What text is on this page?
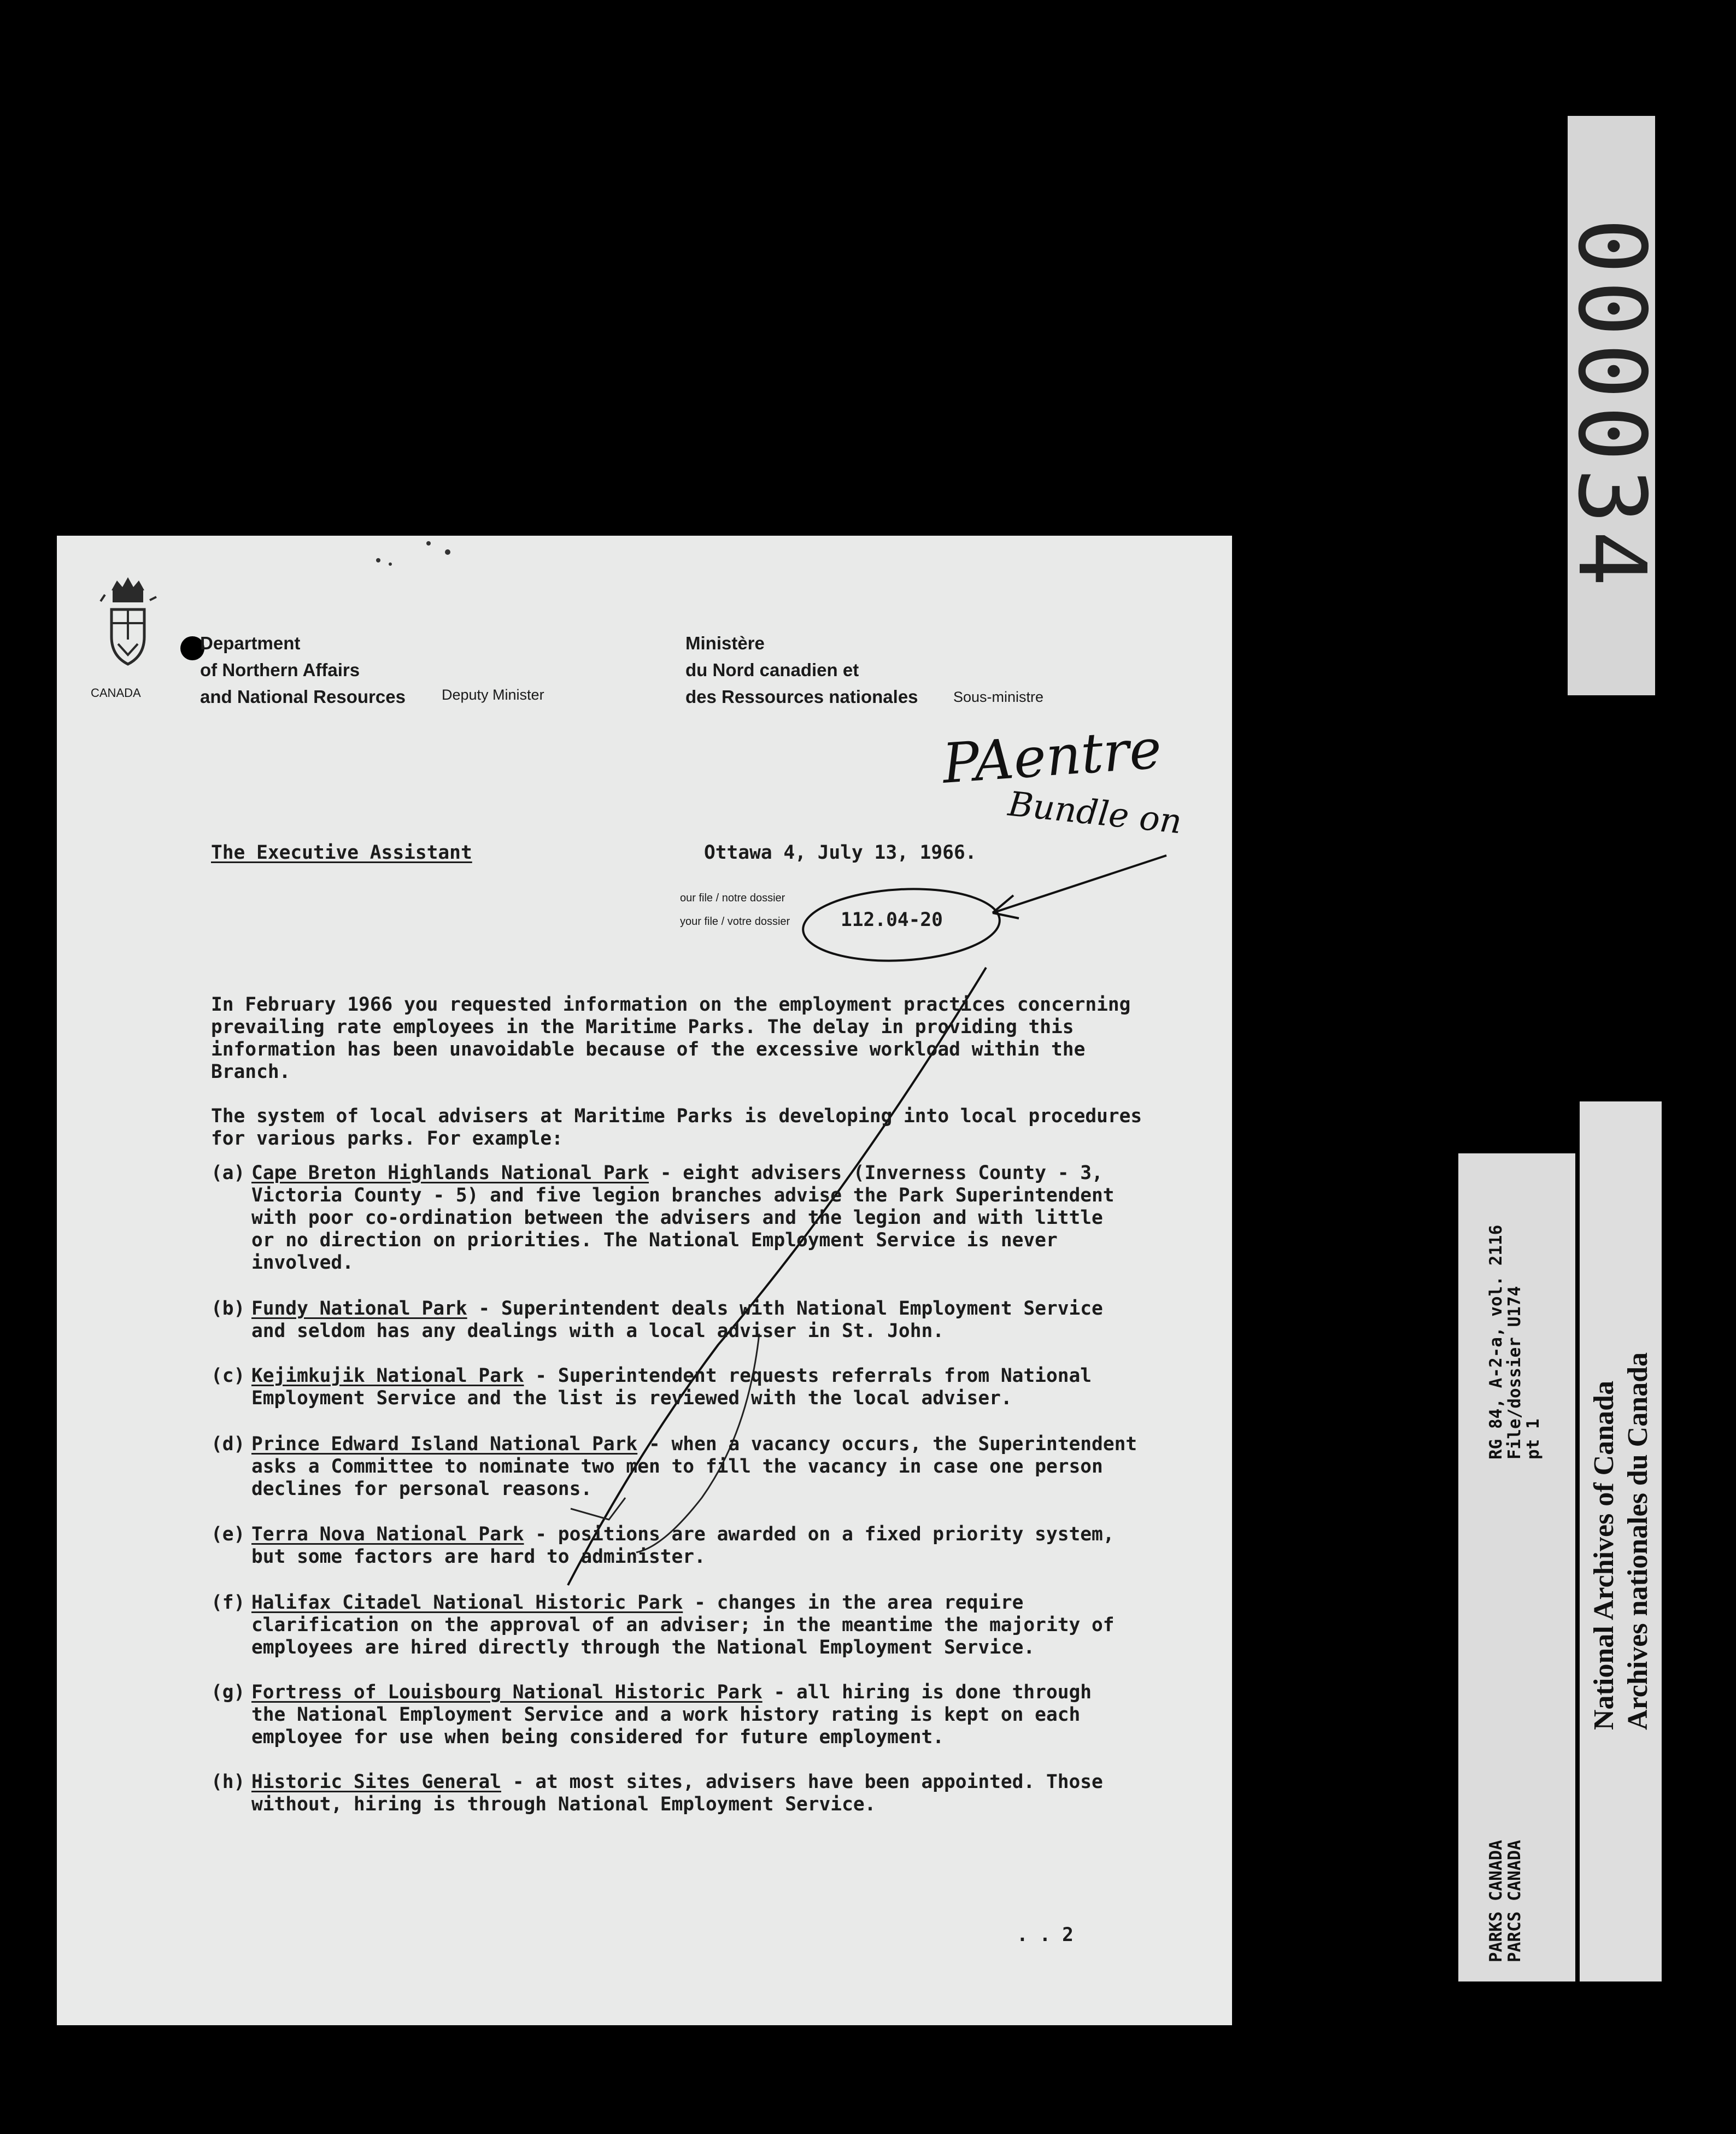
000034
RG 84, A-2-a, vol. 2116
File/dossier U174
pt 1
PARKS CANADA
PARCS CANADA
National Archives of Canada Archives nationales du Canada
CANADA
Department
of Northern Affairs
and National Resources Deputy Minister
Ministère
du Nord canadien et
des Ressources nationales Sous-ministre
PAentre
Bundle on
The Executive Assistant	Ottawa 4, July 13, 1966.
our file / notre dossier
your file / votre dossier	112.04-20
In February 1966 you requested information on the employment practices concerning
prevailing rate employees in the Maritime Parks. The delay in providing this
information has been unavoidable because of the excessive workload within the
Branch.
The system of local advisers at Maritime Parks is developing into local procedures
for various parks. For example:
(a) Cape Breton Highlands National Park - eight advisers (Inverness County - 3,
Victoria County - 5) and five legion branches advise the Park Superintendent
with poor co-ordination between the advisers and the legion and with little
or no direction on priorities. The National Employment Service is never
involved.
(b) Fundy National Park - Superintendent deals with National Employment Service
and seldom has any dealings with a local adviser in St. John.
(c) Kejimkujik National Park - Superintendent requests referrals from National
Employment Service and the list is reviewed with the local adviser.
(d) Prince Edward Island National Park - when a vacancy occurs, the Superintendent
asks a Committee to nominate two men to fill the vacancy in case one person
declines for personal reasons.
(e) Terra Nova National Park - positions are awarded on a fixed priority system,
but some factors are hard to administer.
(f) Halifax Citadel National Historic Park - changes in the area require
clarification on the approval of an adviser; in the meantime the majority of
employees are hired directly through the National Employment Service.
(g) Fortress of Louisbourg National Historic Park - all hiring is done through
the National Employment Service and a work history rating is kept on each
employee for use when being considered for future employment.
(h) Historic Sites General - at most sites, advisers have been appointed. Those
without, hiring is through National Employment Service.
. . 2
